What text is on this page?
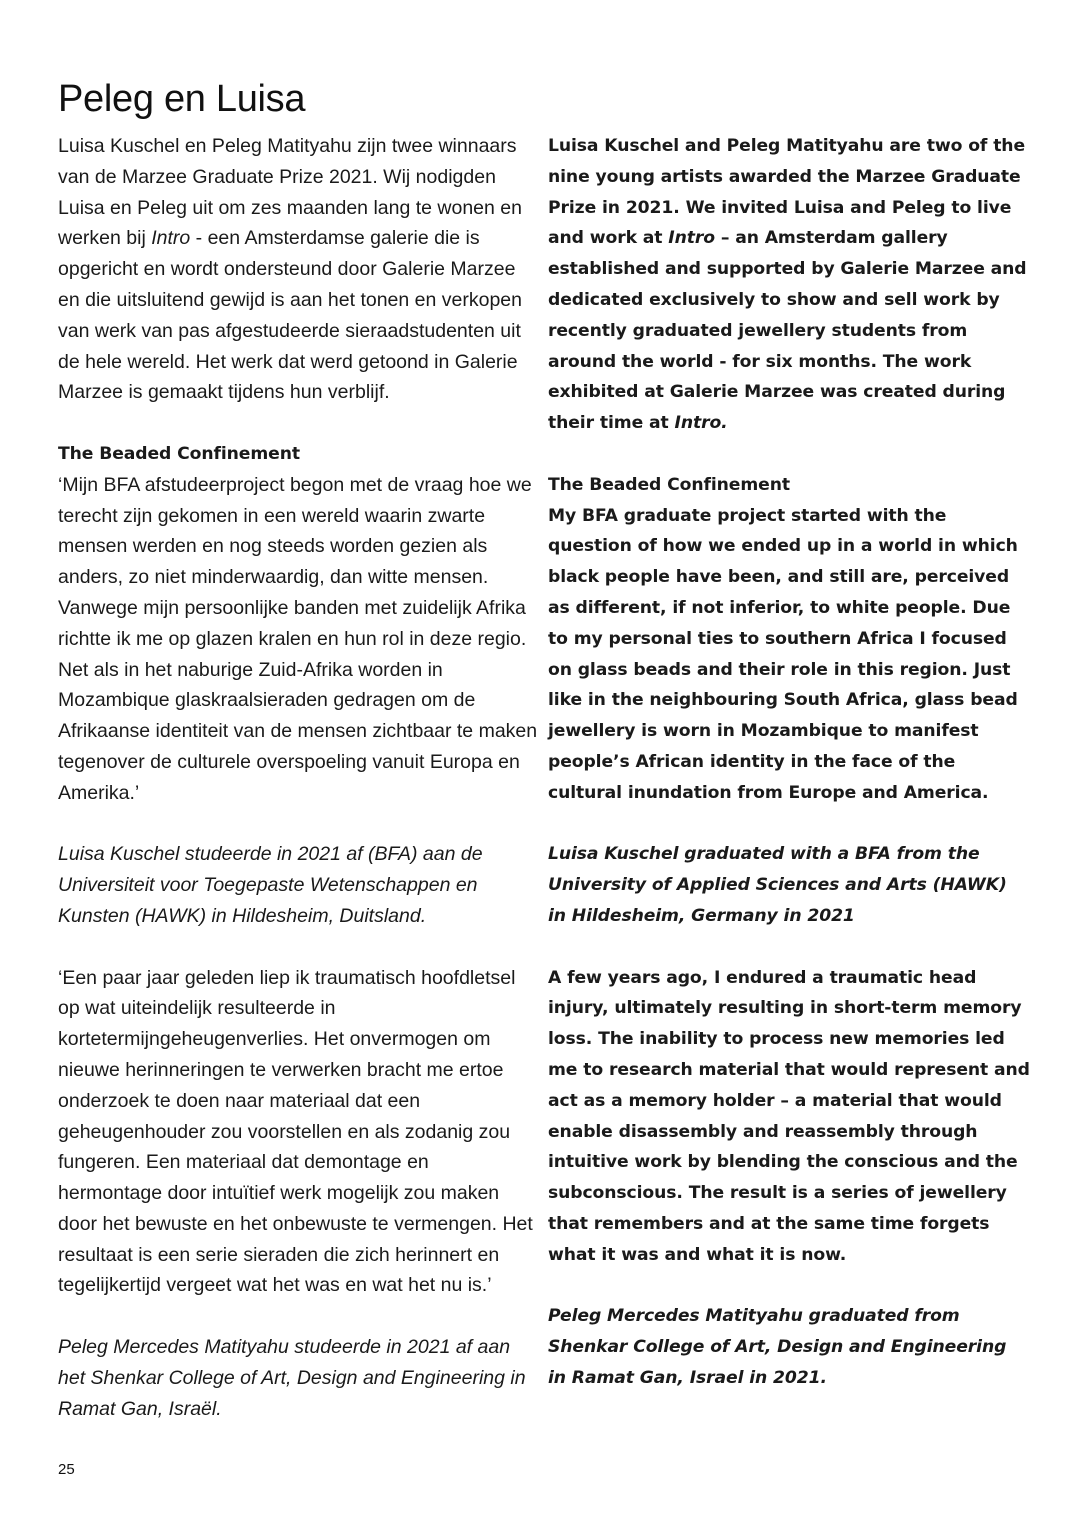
Peleg en Luisa

Luisa Kuschel en Peleg Matityahu zijn twee winnaars van de Marzee Graduate Prize 2021. Wij nodigden Luisa en Peleg uit om zes maanden lang te wonen en werken bij Intro - een Amsterdamse galerie die is opgericht en wordt ondersteund door Galerie Marzee en die uitsluitend gewijd is aan het tonen en verkopen van werk van pas afgestudeerde sieraadstudenten uit de hele wereld. Het werk dat werd getoond in Galerie Marzee is gemaakt tijdens hun verblijf.

The Beaded Confinement
‘Mijn BFA afstudeerproject begon met de vraag hoe we terecht zijn gekomen in een wereld waarin zwarte mensen werden en nog steeds worden gezien als anders, zo niet minderwaardig, dan witte mensen. Vanwege mijn persoonlijke banden met zuidelijk Afrika richtte ik me op glazen kralen en hun rol in deze regio. Net als in het naburige Zuid-Afrika worden in Mozambique glaskraalsieraden gedragen om de Afrikaanse identiteit van de mensen zichtbaar te maken tegenover de culturele overspoeling vanuit Europa en Amerika.’

Luisa Kuschel studeerde in 2021 af (BFA) aan de Universiteit voor Toegepaste Wetenschappen en Kunsten (HAWK) in Hildesheim, Duitsland.

‘Een paar jaar geleden liep ik traumatisch hoofdletsel op wat uiteindelijk resulteerde in kortetermijngeheugenverlies. Het onvermogen om nieuwe herinneringen te verwerken bracht me ertoe onderzoek te doen naar materiaal dat een geheugenhouder zou voorstellen en als zodanig zou fungeren. Een materiaal dat demontage en hermontage door intuïtief werk mogelijk zou maken door het bewuste en het onbewuste te vermengen. Het resultaat is een serie sieraden die zich herinnert en tegelijkertijd vergeet wat het was en wat het nu is.’

Peleg Mercedes Matityahu studeerde in 2021 af aan het Shenkar College of Art, Design and Engineering in Ramat Gan, Israël.

Luisa Kuschel and Peleg Matityahu are two of the nine young artists awarded the Marzee Graduate Prize in 2021. We invited Luisa and Peleg to live and work at Intro – an Amsterdam gallery established and supported by Galerie Marzee and dedicated exclusively to show and sell work by recently graduated jewellery students from around the world - for six months. The work exhibited at Galerie Marzee was created during their time at Intro.

The Beaded Confinement
My BFA graduate project started with the question of how we ended up in a world in which black people have been, and still are, perceived as different, if not inferior, to white people. Due to my personal ties to southern Africa I focused on glass beads and their role in this region. Just like in the neighbouring South Africa, glass bead jewellery is worn in Mozambique to manifest people’s African identity in the face of the cultural inundation from Europe and America.

Luisa Kuschel graduated with a BFA from the University of Applied Sciences and Arts (HAWK) in Hildesheim, Germany in 2021

A few years ago, I endured a traumatic head injury, ultimately resulting in short-term memory loss. The inability to process new memories led me to research material that would represent and act as a memory holder – a material that would enable disassembly and reassembly through intuitive work by blending the conscious and the subconscious. The result is a series of jewellery that remembers and at the same time forgets what it was and what it is now.

Peleg Mercedes Matityahu graduated from Shenkar College of Art, Design and Engineering in Ramat Gan, Israel in 2021.

25
